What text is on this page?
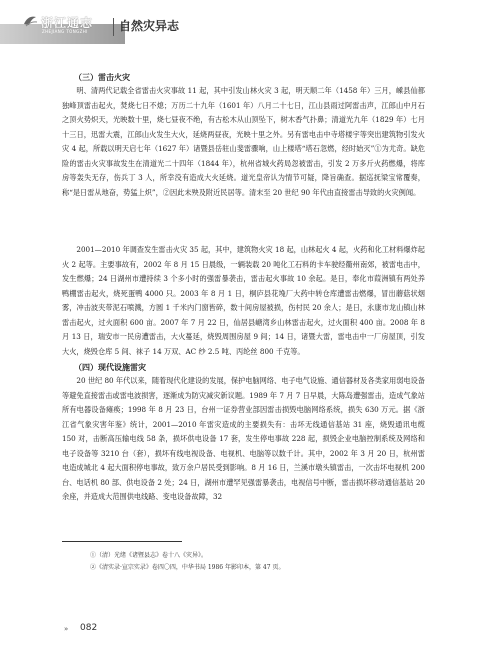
浙江通志
ZHEJIANG TONGZHI	自然灾异志
（三）雷击火灾

明、清两代记载全省雷击火灾事故 11 起，其中引发山林火灾 3 起，明天顺二年（1458 年）三月，嵊县仙都独峰顶雷击起火，焚烧七日不熄；万历二十九年（1601 年）八月二十七日，江山县雨过阿雷击声，江郎山中月石之顶火势炽天，光映数十里，烧七昼夜不绝，有古松木从山顶坠下，树木香气扑鼻；清道光九年（1829 年）七月十三日，迅雷大震，江郎山火发生大火，延烧两昼夜，光映十里之外。另有雷电击中寺塔楼宇等突出建筑物引发火灾 4 起，所载以明天启七年（1627 年）诸暨县岳驻山斐雷骤响，山上楼塔“塔石忽燃，经时始灭”①为尤奇。缺危险的雷击火灾事故发生在清道光二十四年（1844 年），杭州省城火药局忽被雷击，引发 2 万多斤火药燃爆，将库房等轰失无存，伤兵丁 3 人，所幸没有造成大火延烧。道光皇帝认为情节可疑，降旨确查。据巡抚梁宝常覆奏，称“是日雷从地奋，势猛上炽”，②因此未殃及附近民居等。清末至 20 世纪 90 年代由直接雷击导致的火灾例闻。

2001—2010 年调查发生雷击火灾 35 起，其中，建筑物火灾 18 起，山林起火 4 起，火药和化工材料爆炸起火 2 起等。主要事故有，2002 年 8 月 15 日晨级，一辆装载 20 吨化工石料的卡车驶经衢州南郊，被雷电击中，发生燃爆；24 日湖州市遭持续 3 个多小时的强雷暴袭击，雷击起火事故 10 余起。是日，奉化市葭洲镇有两处养鸭棚雷击起火，烧死蛋鸭 4000 只。2003 年 8 月 1 日，桐庐县花堍厂大药中转仓库遭雷击燃爆，冒出蘑菇状烟雾，冲击波夹带泥石喷溅，方圆 1 千米内门窗皆碎，数十间房屋被损，伤村民 20 余人；是日，永康市龙山镇山林雷击起火，过火面积 600 亩。2007 年 7 月 22 日，仙居县嵣湾乡山林雷击起火，过火面积 400 亩。2008 年 8 月 13 日，瑞安市一民房遭雷击，大火蔓延，烧毁周围房屋 9 间；14 日，诸暨大雷，雷电击中一厂房屋顶，引发大火，烧毁仓库 5 间、袜子 14 万双、AC 纱 2.5 吨、丙纶丝 800 千克等。

（四）现代设施雷灾

20 世纪 80 年代以来，随着现代化建设的发展，保护电脑网络、电子电气设施、通信器材及各类家用弱电设备等避免直接雷击或雷电波损害，逐渐成为防灾减灾新议题。1989 年 7 月 7 日早晨，大陈岛遭强雷击，造成气象站所有电器设备瘫痪；1998 年 8 月 23 日，台州一证券营业部因雷击损毁电脑网络系统，损失 630 万元。据《浙江省气象灾害年鉴》统计，2001—2010 年雷灾造成的主要损失有：击坏无线通信基站 31 座，烧毁通讯电缆 150 对，击断高压输电线 58 条，损坏供电设备 17 套，发生停电事故 228 起，损毁企业电脑控制系统及网络和电子设备等 3210 台（套），损坏有线电视设备、电视机、电脑等以数千计。其中，2002 年 3 月 20 日，杭州雷电造成城北 4 起大面积停电事故，致万余户居民受到影响。8 月 16 日，兰溪市墩头镇雷击，一次击坏电视机 200 台、电话机 80 部、供电设备 2 处；24 日，湖州市遭罕见强雷暴袭击，电视信号中断，雷击损坏移动通信基站 20 余座，并造成大范围供电线路、变电设备故障，32

①（清）光绪《诸暨县志》卷十八《灾异》。
②《清实录·宣宗实录》卷四〇四，中华书局 1986 年影印本，第 47 页。
» 082
